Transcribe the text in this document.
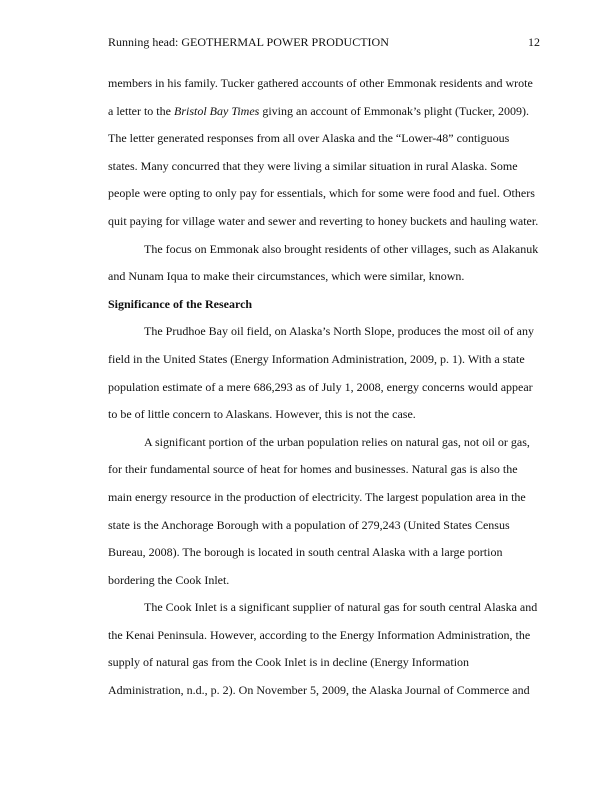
Running head: GEOTHERMAL POWER PRODUCTION	12
members in his family. Tucker gathered accounts of other Emmonak residents and wrote
a letter to the Bristol Bay Times giving an account of Emmonak’s plight (Tucker, 2009).
The letter generated responses from all over Alaska and the “Lower-48” contiguous
states. Many concurred that they were living a similar situation in rural Alaska. Some
people were opting to only pay for essentials, which for some were food and fuel. Others
quit paying for village water and sewer and reverting to honey buckets and hauling water.
The focus on Emmonak also brought residents of other villages, such as Alakanuk
and Nunam Iqua to make their circumstances, which were similar, known.
Significance of the Research
The Prudhoe Bay oil field, on Alaska’s North Slope, produces the most oil of any
field in the United States (Energy Information Administration, 2009, p. 1). With a state
population estimate of a mere 686,293 as of July 1, 2008, energy concerns would appear
to be of little concern to Alaskans. However, this is not the case.
A significant portion of the urban population relies on natural gas, not oil or gas,
for their fundamental source of heat for homes and businesses. Natural gas is also the
main energy resource in the production of electricity. The largest population area in the
state is the Anchorage Borough with a population of 279,243 (United States Census
Bureau, 2008). The borough is located in south central Alaska with a large portion
bordering the Cook Inlet.
The Cook Inlet is a significant supplier of natural gas for south central Alaska and
the Kenai Peninsula. However, according to the Energy Information Administration, the
supply of natural gas from the Cook Inlet is in decline (Energy Information
Administration, n.d., p. 2). On November 5, 2009, the Alaska Journal of Commerce and
